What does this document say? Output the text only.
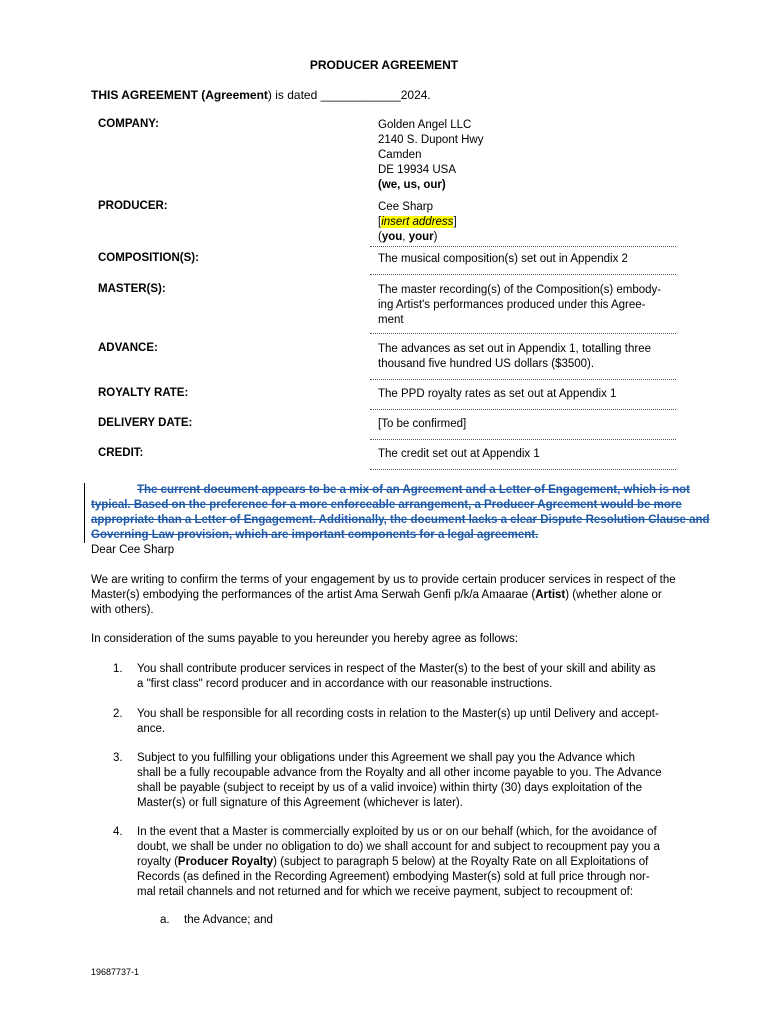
PRODUCER AGREEMENT
THIS AGREEMENT (Agreement) is dated ____________2024.
COMPANY:	Golden Angel LLC
2140 S. Dupont Hwy
Camden
DE 19934 USA
(we, us, our)
PRODUCER:	Cee Sharp
[insert address]
(you, your)
COMPOSITION(S):	The musical composition(s) set out in Appendix 2
MASTER(S):	The master recording(s) of the Composition(s) embody-
ing Artist's performances produced under this Agree-
ment
ADVANCE:	The advances as set out in Appendix 1, totalling three
thousand five hundred US dollars ($3500).
ROYALTY RATE:	The PPD royalty rates as set out at Appendix 1
DELIVERY DATE:	[To be confirmed]
CREDIT:	The credit set out at Appendix 1
The current document appears to be a mix of an Agreement and a Letter of Engagement, which is not
typical. Based on the preference for a more enforceable arrangement, a Producer Agreement would be more
appropriate than a Letter of Engagement. Additionally, the document lacks a clear Dispute Resolution Clause and
Governing Law provision, which are important components for a legal agreement.
Dear Cee Sharp
We are writing to confirm the terms of your engagement by us to provide certain producer services in respect of the
Master(s) embodying the performances of the artist Ama Serwah Genfi p/k/a Amaarae (Artist) (whether alone or
with others).
In consideration of the sums payable to you hereunder you hereby agree as follows:
1. You shall contribute producer services in respect of the Master(s) to the best of your skill and ability as
a "first class" record producer and in accordance with our reasonable instructions.
2. You shall be responsible for all recording costs in relation to the Master(s) up until Delivery and accept-
ance.
3. Subject to you fulfilling your obligations under this Agreement we shall pay you the Advance which
shall be a fully recoupable advance from the Royalty and all other income payable to you. The Advance
shall be payable (subject to receipt by us of a valid invoice) within thirty (30) days exploitation of the
Master(s) or full signature of this Agreement (whichever is later).
4. In the event that a Master is commercially exploited by us or on our behalf (which, for the avoidance of
doubt, we shall be under no obligation to do) we shall account for and subject to recoupment pay you a
royalty (Producer Royalty) (subject to paragraph 5 below) at the Royalty Rate on all Exploitations of
Records (as defined in the Recording Agreement) embodying Master(s) sold at full price through nor-
mal retail channels and not returned and for which we receive payment, subject to recoupment of:
a. the Advance; and
19687737-1
